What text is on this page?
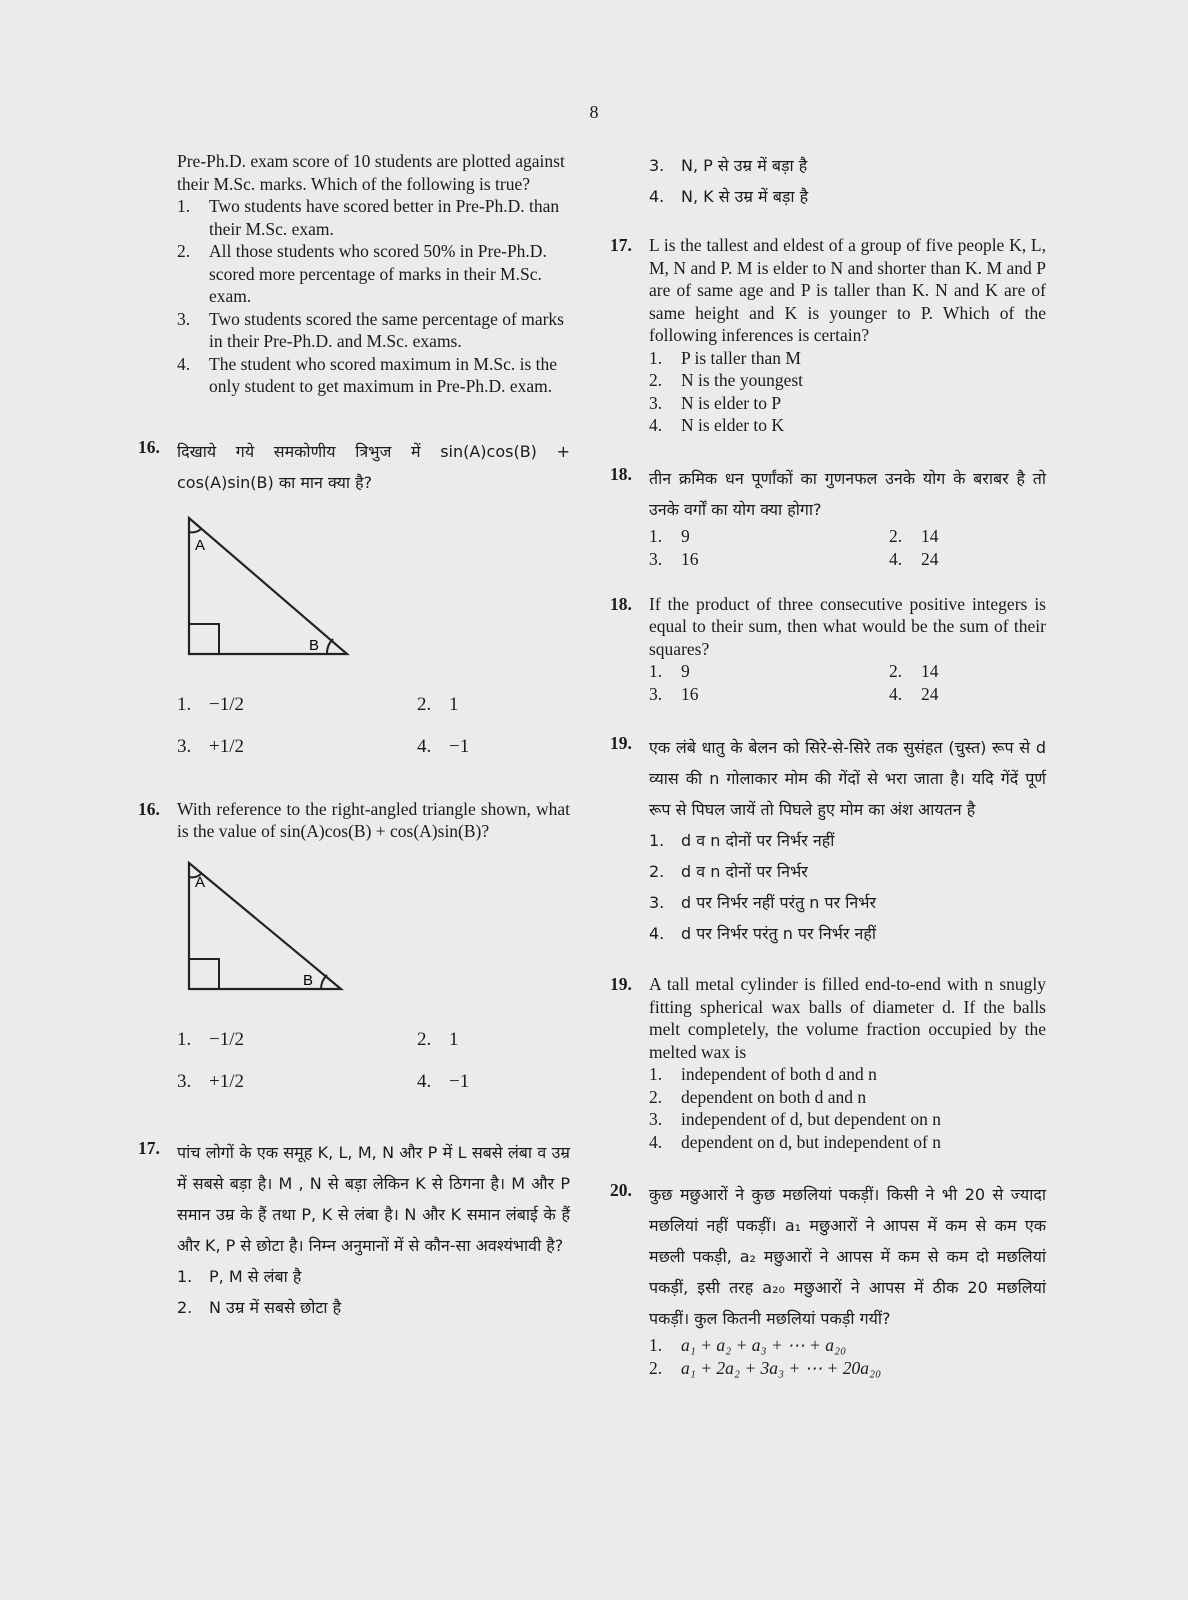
8
Pre-Ph.D. exam score of 10 students are plotted against their M.Sc. marks. Which of the following is true?
1.	Two students have scored better in Pre-Ph.D. than their M.Sc. exam.
2.	All those students who scored 50% in Pre-Ph.D. scored more percentage of marks in their M.Sc. exam.
3.	Two students scored the same percentage of marks in their Pre-Ph.D. and M.Sc. exams.
4.	The student who scored maximum in M.Sc. is the only student to get maximum in Pre-Ph.D. exam.
16.	दिखाये गये समकोणीय त्रिभुज में sin(A)cos(B) + cos(A)sin(B) का मान क्या है?
A
B
1. −1/2	2. 1
3. +1/2	4. −1
16. With reference to the right-angled triangle shown, what is the value of sin(A)cos(B) + cos(A)sin(B)?
A
B
1. −1/2	2. 1
3. +1/2	4. −1
17.	पांच लोगों के एक समूह K, L, M, N और P में L सबसे लंबा व उम्र में सबसे बड़ा है। M , N से बड़ा लेकिन K से ठिगना है। M और P समान उम्र के हैं तथा P, K से लंबा है। N और K समान लंबाई के हैं और K, P से छोटा है। निम्न अनुमानों में से कौन-सा अवश्यंभावी है?
1.	P, M से लंबा है
2.	N उम्र में सबसे छोटा है
3.	N, P से उम्र में बड़ा है
4.	N, K से उम्र में बड़ा है
17. L is the tallest and eldest of a group of five people K, L, M, N and P. M is elder to N and shorter than K. M and P are of same age and P is taller than K. N and K are of same height and K is younger to P. Which of the following inferences is certain?
1.	P is taller than M
2.	N is the youngest
3.	N is elder to P
4.	N is elder to K
18.	तीन क्रमिक धन पूर्णांकों का गुणनफल उनके योग के बराबर है तो उनके वर्गों का योग क्या होगा?
1.	9	2.	14
3.	16	4.	24
18. If the product of three consecutive positive integers is equal to their sum, then what would be the sum of their squares?
1.	9	2.	14
3.	16	4.	24
19.	एक लंबे धातु के बेलन को सिरे-से-सिरे तक सुसंहत (चुस्त) रूप से d व्यास की n गोलाकार मोम की गेंदों से भरा जाता है। यदि गेंदें पूर्ण रूप से पिघल जायें तो पिघले हुए मोम का अंश आयतन है
1.	d व n दोनों पर निर्भर नहीं
2.	d व n दोनों पर निर्भर
3.	d पर निर्भर नहीं परंतु n पर निर्भर
4.	d पर निर्भर परंतु n पर निर्भर नहीं
19. A tall metal cylinder is filled end-to-end with n snugly fitting spherical wax balls of diameter d. If the balls melt completely, the volume fraction occupied by the melted wax is
1.	independent of both d and n
2.	dependent on both d and n
3.	independent of d, but dependent on n
4.	dependent on d, but independent of n
20.	कुछ मछुआरों ने कुछ मछलियां पकड़ीं। किसी ने भी 20 से ज्यादा मछलियां नहीं पकड़ीं। a₁ मछुआरों ने आपस में कम से कम एक मछली पकड़ी, a₂ मछुआरों ने आपस में कम से कम दो मछलियां पकड़ीं, इसी तरह a₂₀ मछुआरों ने आपस में ठीक 20 मछलियां पकड़ीं। कुल कितनी मछलियां पकड़ी गयीं?
1.	a₁ + a₂ + a₃ + ⋯ + a₂₀
2.	a₁ + 2a₂ + 3a₃ + ⋯ + 20a₂₀
